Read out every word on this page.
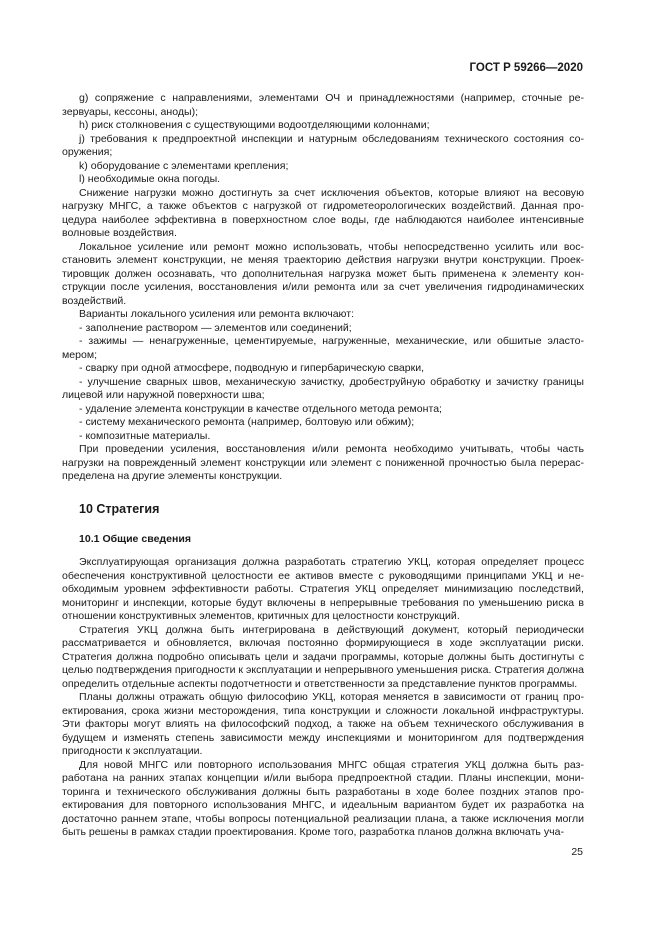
ГОСТ Р 59266—2020

g) сопряжение с направлениями, элементами ОЧ и принадлежностями (например, сточные резервуары, кессоны, аноды);

h) риск столкновения с существующими водоотделяющими колоннами;

j) требования к предпроектной инспекции и натурным обследованиям технического состояния сооружения;

k) оборудование с элементами крепления;

l) необходимые окна погоды.

Снижение нагрузки можно достигнуть за счет исключения объектов, которые влияют на весовую нагрузку МНГС, а также объектов с нагрузкой от гидрометеорологических воздействий. Данная процедура наиболее эффективна в поверхностном слое воды, где наблюдаются наиболее интенсивные волновые воздействия.

Локальное усиление или ремонт можно использовать, чтобы непосредственно усилить или восстановить элемент конструкции, не меняя траекторию действия нагрузки внутри конструкции. Проектировщик должен осознавать, что дополнительная нагрузка может быть применена к элементу конструкции после усиления, восстановления и/или ремонта или за счет увеличения гидродинамических воздействий.

Варианты локального усиления или ремонта включают:

- заполнение раствором — элементов или соединений;

- зажимы — ненагруженные, цементируемые, нагруженные, механические, или обшитые эластомером;

- сварку при одной атмосфере, подводную и гипербарическую сварки,

- улучшение сварных швов, механическую зачистку, дробеструйную обработку и зачистку границы лицевой или наружной поверхности шва;

- удаление элемента конструкции в качестве отдельного метода ремонта;

- систему механического ремонта (например, болтовую или обжим);

- композитные материалы.

При проведении усиления, восстановления и/или ремонта необходимо учитывать, чтобы часть нагрузки на поврежденный элемент конструкции или элемент с пониженной прочностью была перераспределена на другие элементы конструкции.

10 Стратегия

10.1 Общие сведения

Эксплуатирующая организация должна разработать стратегию УКЦ, которая определяет процесс обеспечения конструктивной целостности ее активов вместе с руководящими принципами УКЦ и необходимым уровнем эффективности работы. Стратегия УКЦ определяет минимизацию последствий, мониторинг и инспекции, которые будут включены в непрерывные требования по уменьшению риска в отношении конструктивных элементов, критичных для целостности конструкций.

Стратегия УКЦ должна быть интегрирована в действующий документ, который периодически рассматривается и обновляется, включая постоянно формирующиеся в ходе эксплуатации риски. Стратегия должна подробно описывать цели и задачи программы, которые должны быть достигнуты с целью подтверждения пригодности к эксплуатации и непрерывного уменьшения риска. Стратегия должна определить отдельные аспекты подотчетности и ответственности за представление пунктов программы.

Планы должны отражать общую философию УКЦ, которая меняется в зависимости от границ проектирования, срока жизни месторождения, типа конструкции и сложности локальной инфраструктуры. Эти факторы могут влиять на философский подход, а также на объем технического обслуживания в будущем и изменять степень зависимости между инспекциями и мониторингом для подтверждения пригодности к эксплуатации.

Для новой МНГС или повторного использования МНГС общая стратегия УКЦ должна быть разработана на ранних этапах концепции и/или выбора предпроектной стадии. Планы инспекции, мониторинга и технического обслуживания должны быть разработаны в ходе более поздних этапов проектирования для повторного использования МНГС, и идеальным вариантом будет их разработка на достаточно раннем этапе, чтобы вопросы потенциальной реализации плана, а также исключения могли быть решены в рамках стадии проектирования. Кроме того, разработка планов должна включать уча-

25
